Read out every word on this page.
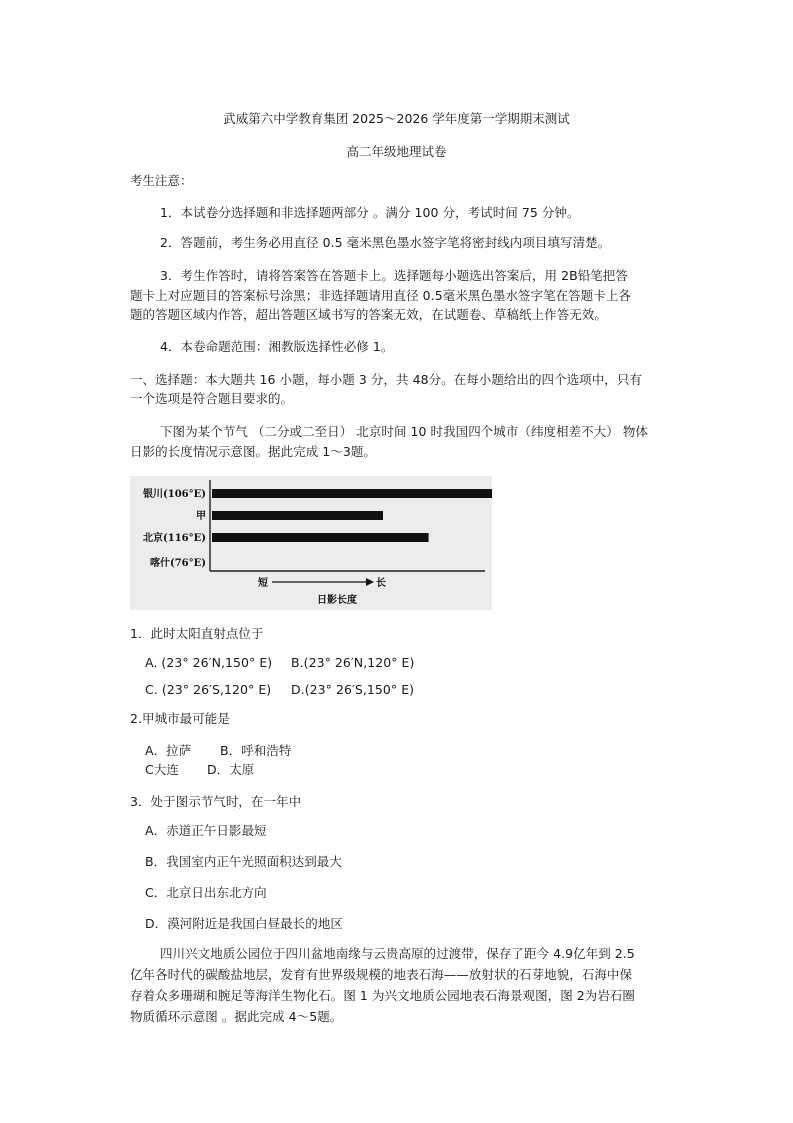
武威第六中学教育集团 2025～2026 学年度第一学期期末测试
高二年级地理试卷
考生注意：
1．本试卷分选择题和非选择题两部分 。满分 100 分，考试时间 75 分钟。
2．答题前，考生务必用直径 0.5 毫米黑色墨水签字笔将密封线内项目填写清楚。
3．考生作答时，请将答案答在答题卡上。选择题每小题选出答案后，用 2B铅笔把答
题卡上对应题目的答案标号涂黑；非选择题请用直径 0.5毫米黑色墨水签字笔在答题卡上各
题的答题区域内作答，超出答题区域书写的答案无效，在试题卷、草稿纸上作答无效。
4．本卷命题范围：湘教版选择性必修 1。
一、选择题：本大题共 16 小题，每小题 3 分，共 48分。在每小题给出的四个选项中，只有
一个选项是符合题目要求的。
下图为某个节气 （二分或二至日） 北京时间 10 时我国四个城市（纬度相差不大） 物体
日影的长度情况示意图。据此完成 1～3题。
银川(106°E)
甲
北京(116°E)
喀什(76°E)
短	长
日影长度
1．此时太阳直射点位于
A. (23° 26′N,150° E) B.(23° 26′N,120° E)
C. (23° 26′S,120° E) D.(23° 26′S,150° E)
2.甲城市最可能是
A．拉萨 B．呼和浩特
C大连 D．太原
3．处于图示节气时，在一年中
A．赤道正午日影最短
B．我国室内正午光照面积达到最大
C．北京日出东北方向
D．漠河附近是我国白昼最长的地区
四川兴文地质公园位于四川盆地南缘与云贵高原的过渡带，保存了距今 4.9亿年到 2.5
亿年各时代的碳酸盐地层，发育有世界级规模的地表石海——放射状的石芽地貌，石海中保
存着众多珊瑚和腕足等海洋生物化石。图 1 为兴文地质公园地表石海景观图，图 2为岩石圈
物质循环示意图 。据此完成 4～5题。
